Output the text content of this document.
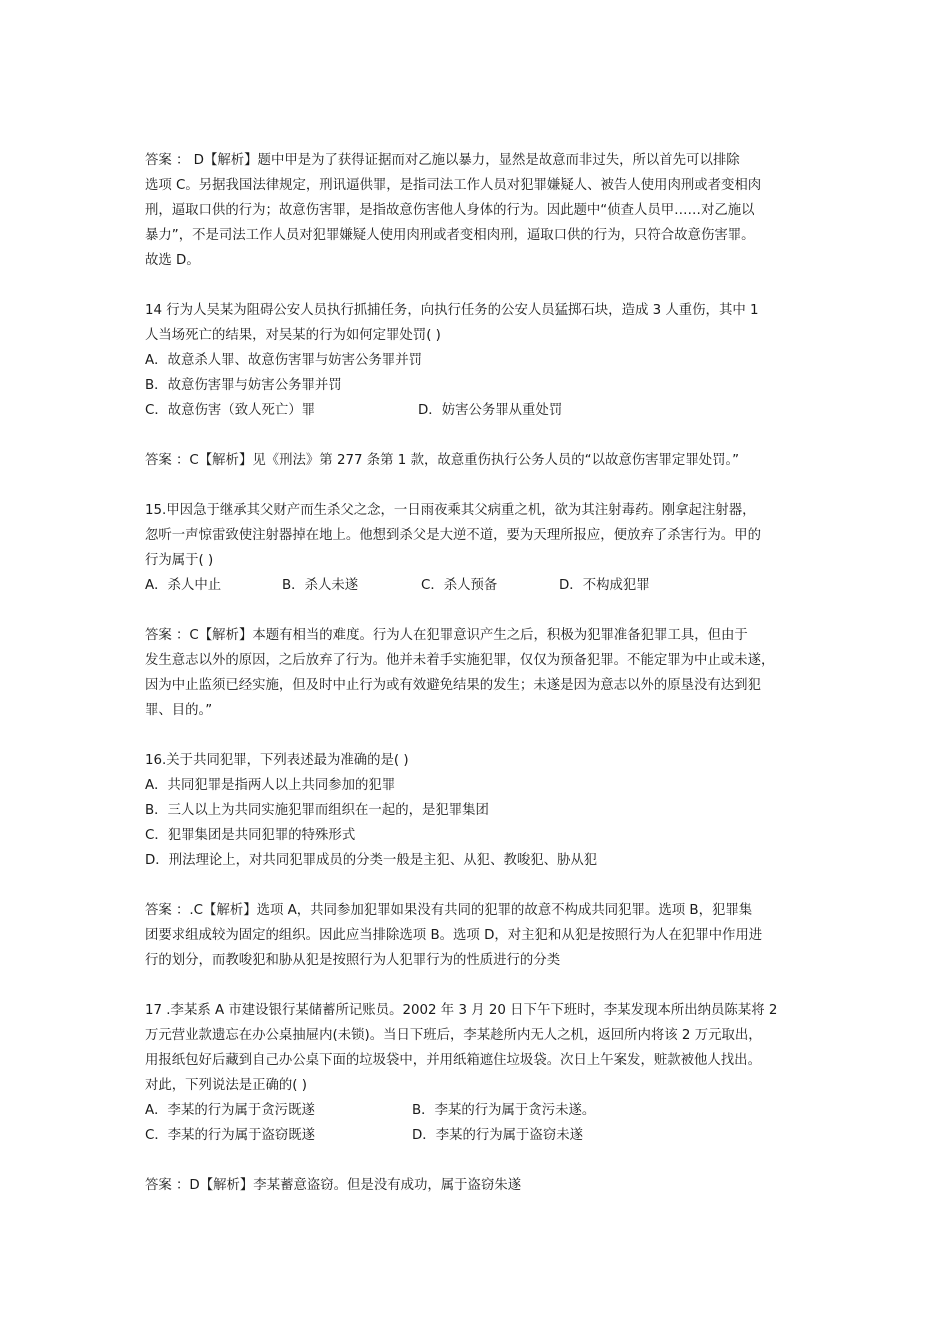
答案 ： D【解析】题中甲是为了获得证据而对乙施以暴力，显然是故意而非过失，所以首先可以排除

选项 C。另据我国法律规定，刑讯逼供罪，是指司法工作人员对犯罪嫌疑人、被告人使用肉刑或者变相肉

刑，逼取口供的行为；故意伤害罪，是指故意伤害他人身体的行为。因此题中“侦查人员甲……对乙施以

暴力”，不是司法工作人员对犯罪嫌疑人使用肉刑或者变相肉刑，逼取口供的行为，只符合故意伤害罪。

故选 D。

14 行为人吴某为阻碍公安人员执行抓捕任务，向执行任务的公安人员猛掷石块，造成 3 人重伤，其中 1

人当场死亡的结果，对吴某的行为如何定罪处罚( )

A．故意杀人罪、故意伤害罪与妨害公务罪并罚

B．故意伤害罪与妨害公务罪并罚

C．故意伤害（致人死亡）罪	D．妨害公务罪从重处罚

答案 ：C【解析】见《刑法》第 277 条第 1 款，故意重伤执行公务人员的“以故意伤害罪定罪处罚。”

15.甲因急于继承其父财产而生杀父之念，一日雨夜乘其父病重之机，欲为其注射毒药。刚拿起注射器，

忽听一声惊雷致使注射器掉在地上。他想到杀父是大逆不道，要为天理所报应，便放弃了杀害行为。甲的

行为属于( )

A．杀人中止	B．杀人未遂	C．杀人预备	D．不构成犯罪

答案 ：C【解析】本题有相当的难度。行为人在犯罪意识产生之后，积极为犯罪准备犯罪工具，但由于

发生意志以外的原因，之后放弃了行为。他并未着手实施犯罪，仅仅为预备犯罪。不能定罪为中止或未遂，

因为中止监须已经实施，但及时中止行为或有效避免结果的发生；未遂是因为意志以外的原垦没有达到犯

罪、目的。”

16.关于共同犯罪，下列表述最为准确的是( )

A．共同犯罪是指两人以上共同参加的犯罪

B．三人以上为共同实施犯罪而组织在一起的，是犯罪集团

C．犯罪集团是共同犯罪的特殊形式

D．刑法理论上，对共同犯罪成员的分类一般是主犯、从犯、教唆犯、胁从犯

答案 ：.C【解析】选项 A，共同参加犯罪如果没有共同的犯罪的故意不构成共同犯罪。选项 B，犯罪集

团要求组成较为固定的组织。因此应当排除选项 B。选项 D，对主犯和从犯是按照行为人在犯罪中作用进

行的划分，而教唆犯和胁从犯是按照行为人犯罪行为的性质进行的分类

17 .李某系 A 市建设银行某储蓄所记账员。2002 年 3 月 20 日下午下班时，李某发现本所出纳员陈某将 2

万元营业款遗忘在办公桌抽屉内(未锁)。当日下班后，李某趁所内无人之机，返回所内将该 2 万元取出，

用报纸包好后藏到自己办公桌下面的垃圾袋中，并用纸箱遮住垃圾袋。次日上午案发，赃款被他人找出。

对此，下列说法是正确的( )

A．李某的行为属于贪污既遂	B．李某的行为属于贪污未遂。
C．李某的行为属于盗窃既遂	D．李某的行为属于盗窃未遂

答案 ：D【解析】李某蓄意盗窃。但是没有成功，属于盗窃朱遂
